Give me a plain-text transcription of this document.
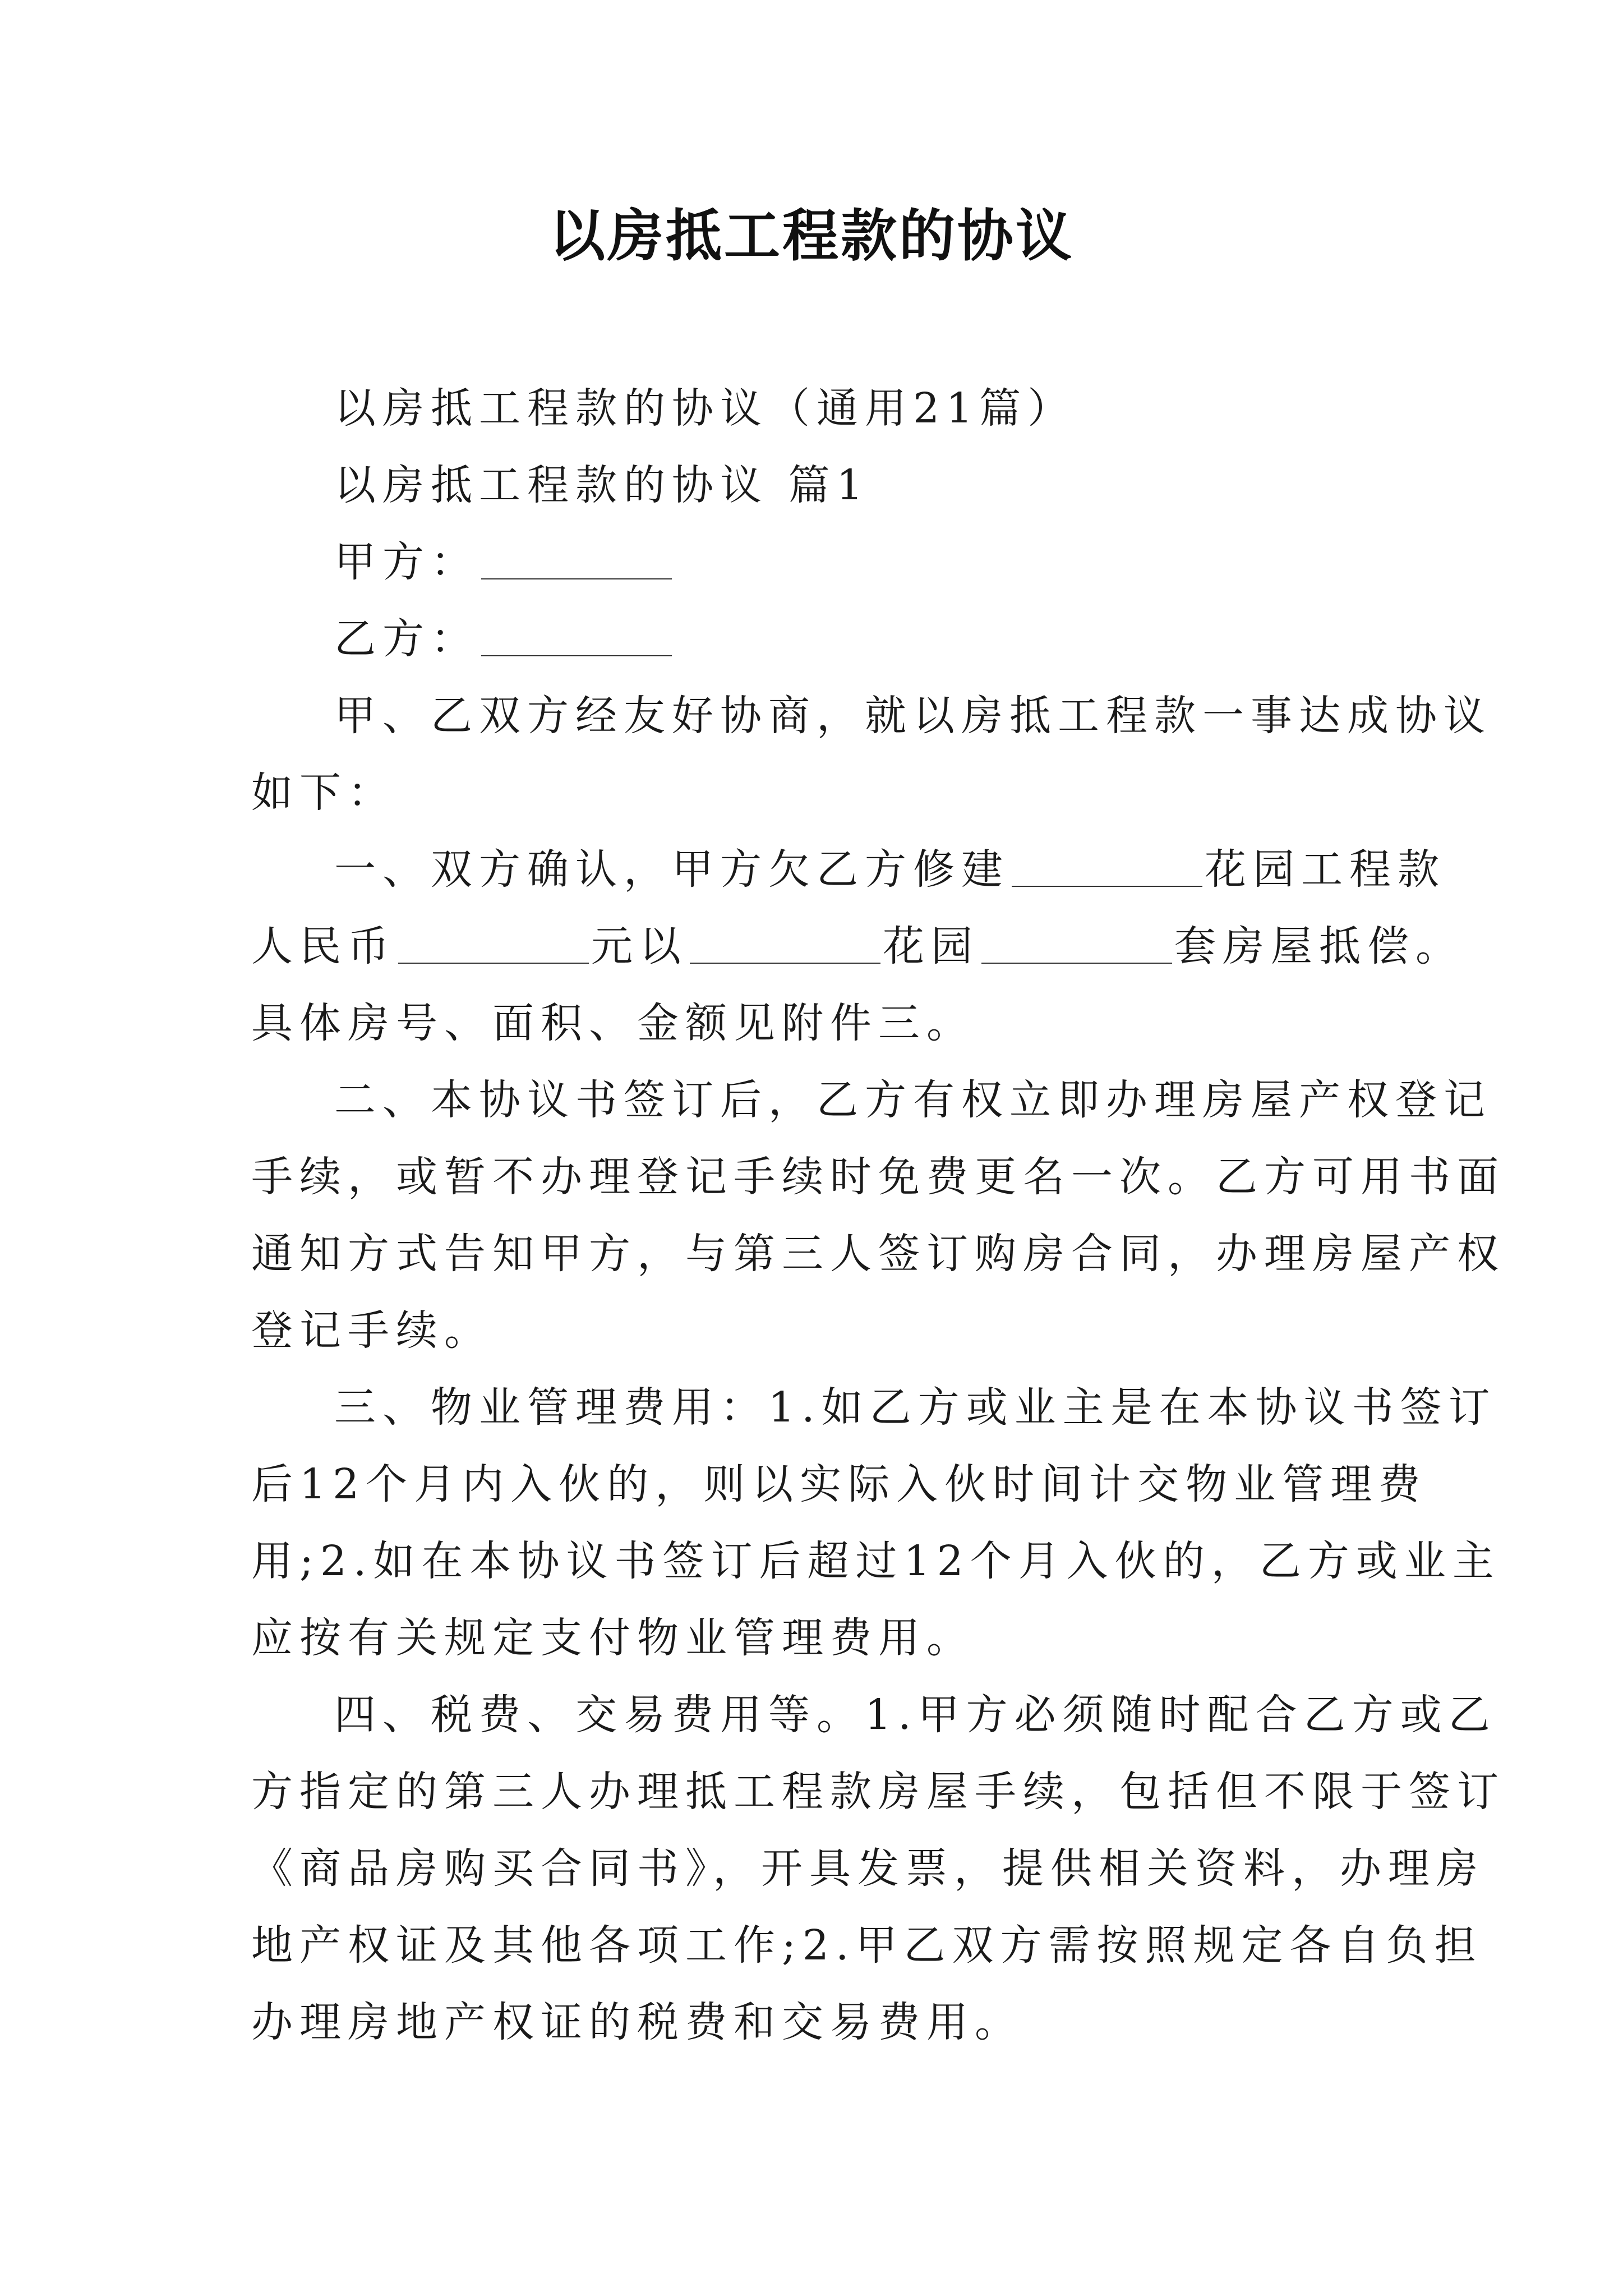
以房抵工程款的协议
以房抵工程款的协议（通用21篇）
以房抵工程款的协议 篇1
甲方：
乙方：
甲、乙双方经友好协商，就以房抵工程款一事达成协议
如下：
一、双方确认，甲方欠乙方修建	花园工程款
人民币	元以	花园	套房屋抵偿。
具体房号、面积、金额见附件三。
二、本协议书签订后，乙方有权立即办理房屋产权登记
手续，或暂不办理登记手续时免费更名一次。乙方可用书面
通知方式告知甲方，与第三人签订购房合同，办理房屋产权
登记手续。
三、物业管理费用：1.如乙方或业主是在本协议书签订
后12个月内入伙的，则以实际入伙时间计交物业管理费
用;2.如在本协议书签订后超过12个月入伙的，乙方或业主
应按有关规定支付物业管理费用。
四、税费、交易费用等。1.甲方必须随时配合乙方或乙
方指定的第三人办理抵工程款房屋手续，包括但不限于签订
《商品房购买合同书》，开具发票，提供相关资料，办理房
地产权证及其他各项工作;2.甲乙双方需按照规定各自负担
办理房地产权证的税费和交易费用。
